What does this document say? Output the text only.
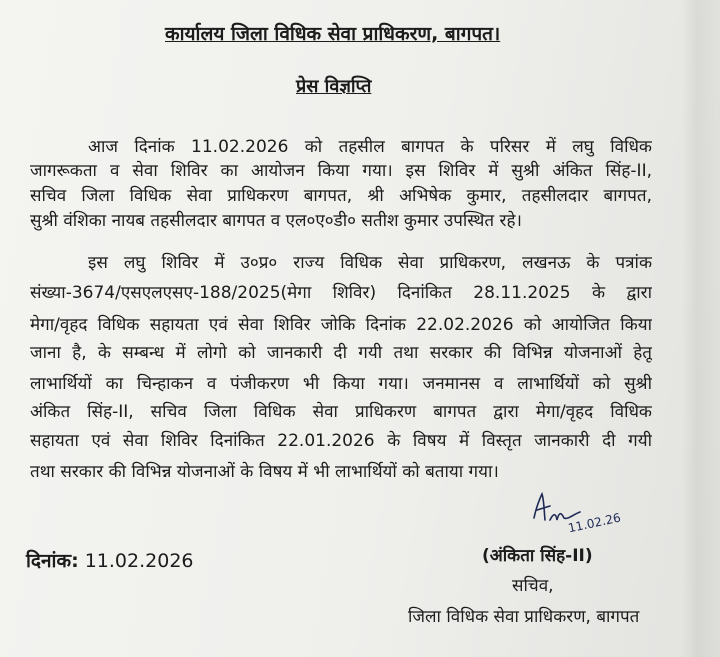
कार्यालय जिला विधिक सेवा प्राधिकरण, बागपत।
प्रेस विज्ञप्ति
आज दिनांक 11.02.2026 को तहसील बागपत के परिसर में लघु विधिक
जागरूकता व सेवा शिविर का आयोजन किया गया। इस शिविर में सुश्री अंकित सिंह-II,
सचिव जिला विधिक सेवा प्राधिकरण बागपत, श्री अभिषेक कुमार, तहसीलदार बागपत,
सुश्री वंशिका नायब तहसीलदार बागपत व एल०ए०डी० सतीश कुमार उपस्थित रहे।
इस लघु शिविर में उ०प्र० राज्य विधिक सेवा प्राधिकरण, लखनऊ के पत्रांक
संख्या-3674/एसएलएसए-188/2025(मेगा शिविर) दिनांकित 28.11.2025 के द्वारा
मेगा/वृहद विधिक सहायता एवं सेवा शिविर जोकि दिनांक 22.02.2026 को आयोजित किया
जाना है, के सम्बन्ध में लोगो को जानकारी दी गयी तथा सरकार की विभिन्न योजनाओं हेतू
लाभार्थियों का चिन्हाकन व पंजीकरण भी किया गया। जनमानस व लाभार्थियों को सुश्री
अंकित सिंह-II, सचिव जिला विधिक सेवा प्राधिकरण बागपत द्वारा मेगा/वृहद विधिक
सहायता एवं सेवा शिविर दिनांकित 22.01.2026 के विषय में विस्तृत जानकारी दी गयी
तथा सरकार की विभिन्न योजनाओं के विषय में भी लाभार्थियों को बताया गया।
11.02.26
दिनांक: 11.02.2026	(अंकिता सिंह-II)
सचिव,
जिला विधिक सेवा प्राधिकरण, बागपत
